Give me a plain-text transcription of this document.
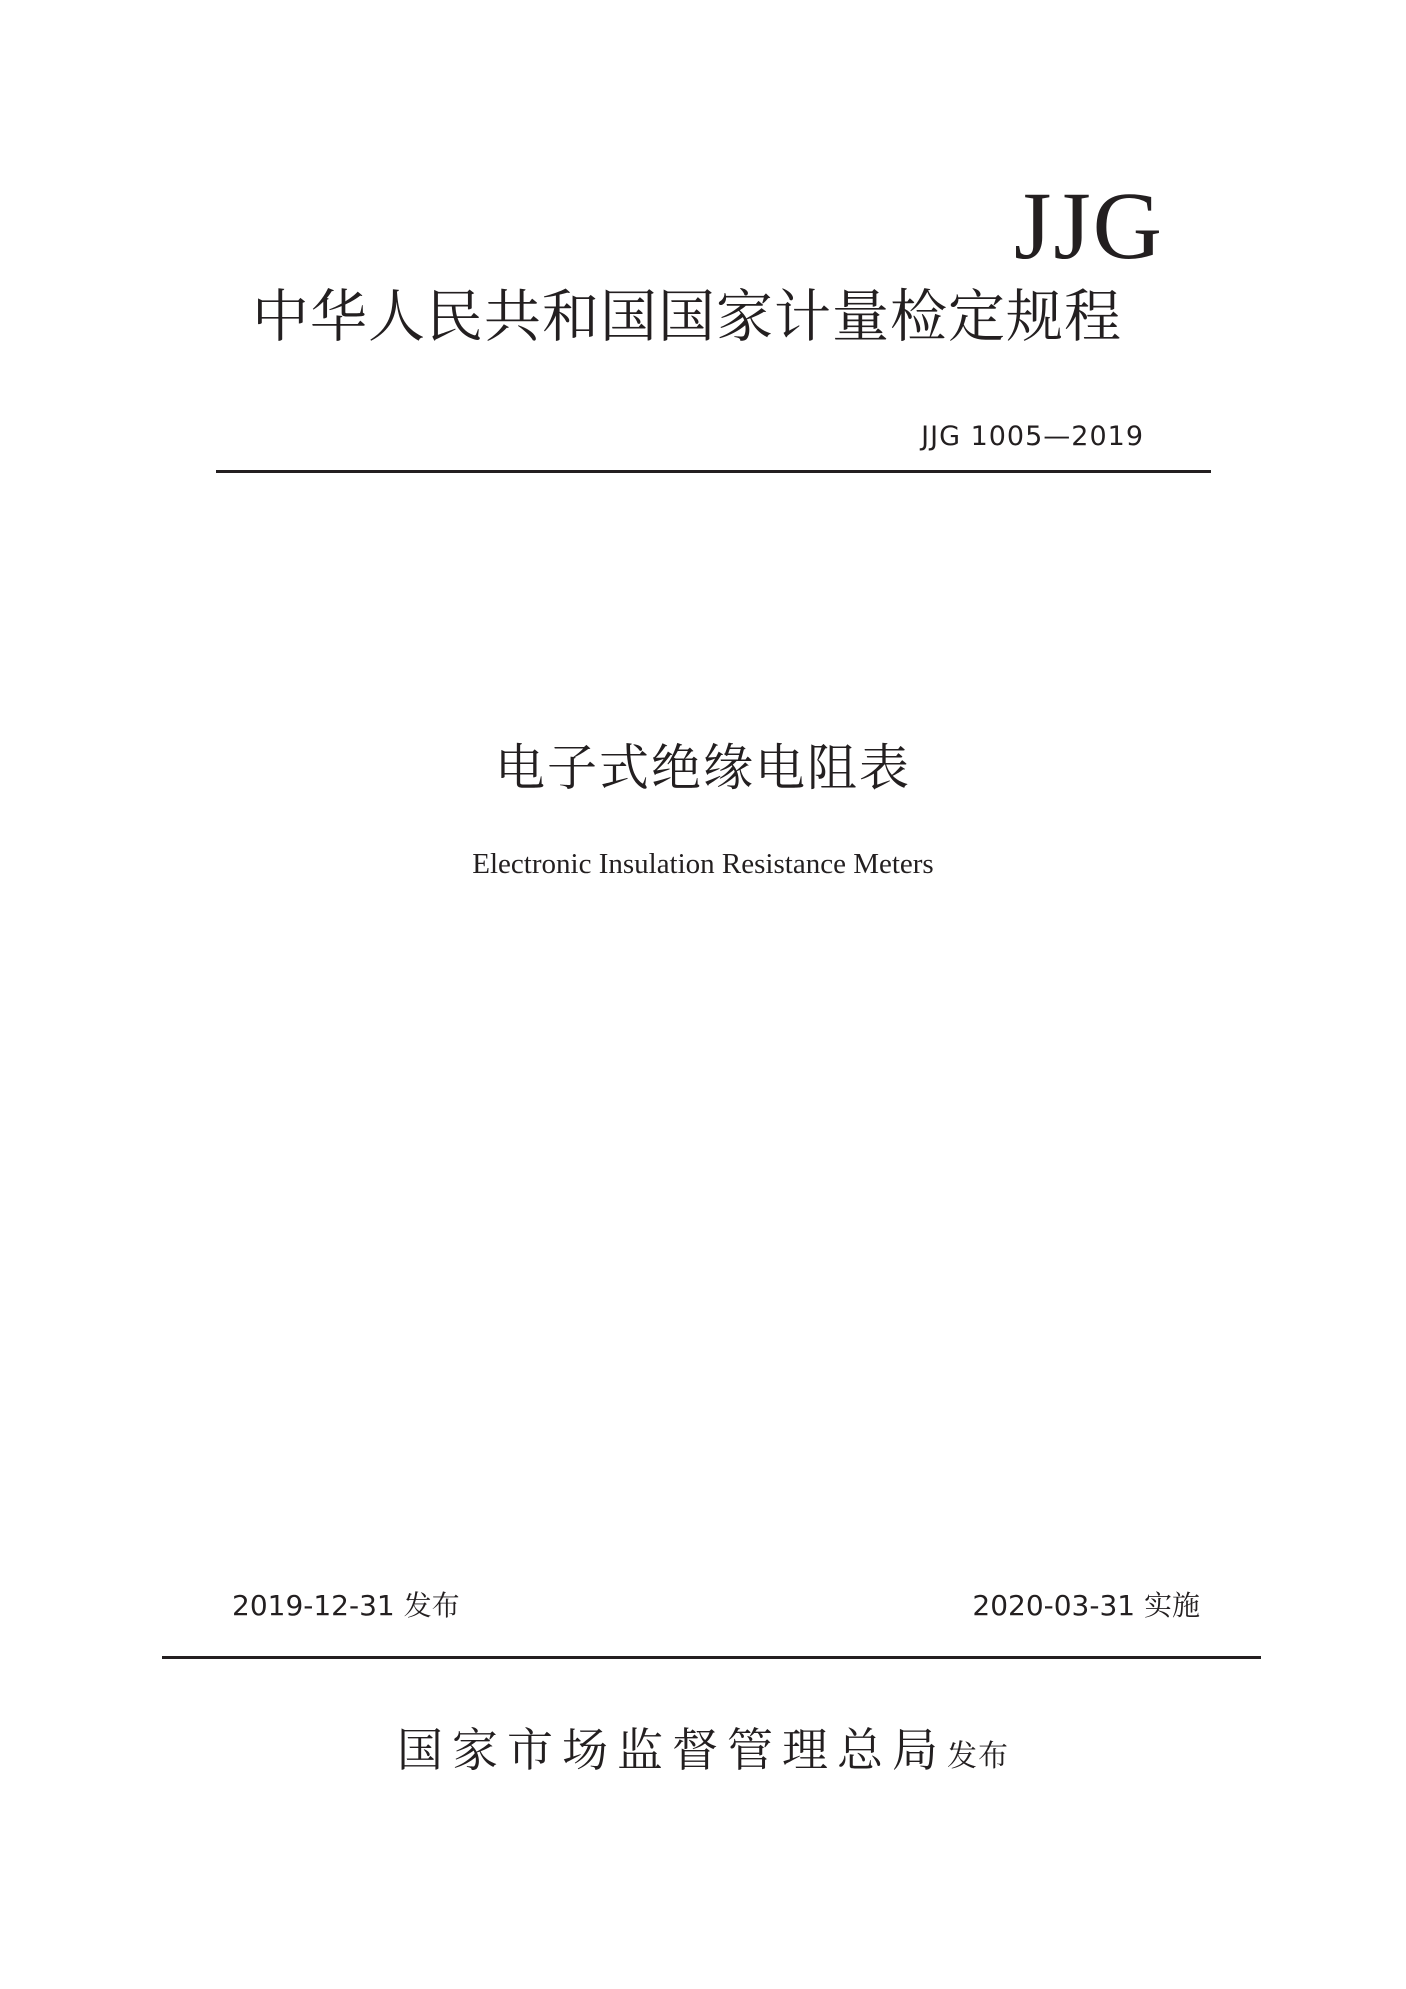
JJG
中华人民共和国国家计量检定规程
JJG 1005—2019
电子式绝缘电阻表
Electronic Insulation Resistance Meters
2019-12-31 发布	2020-03-31 实施
国家市场监督管理总局发布
